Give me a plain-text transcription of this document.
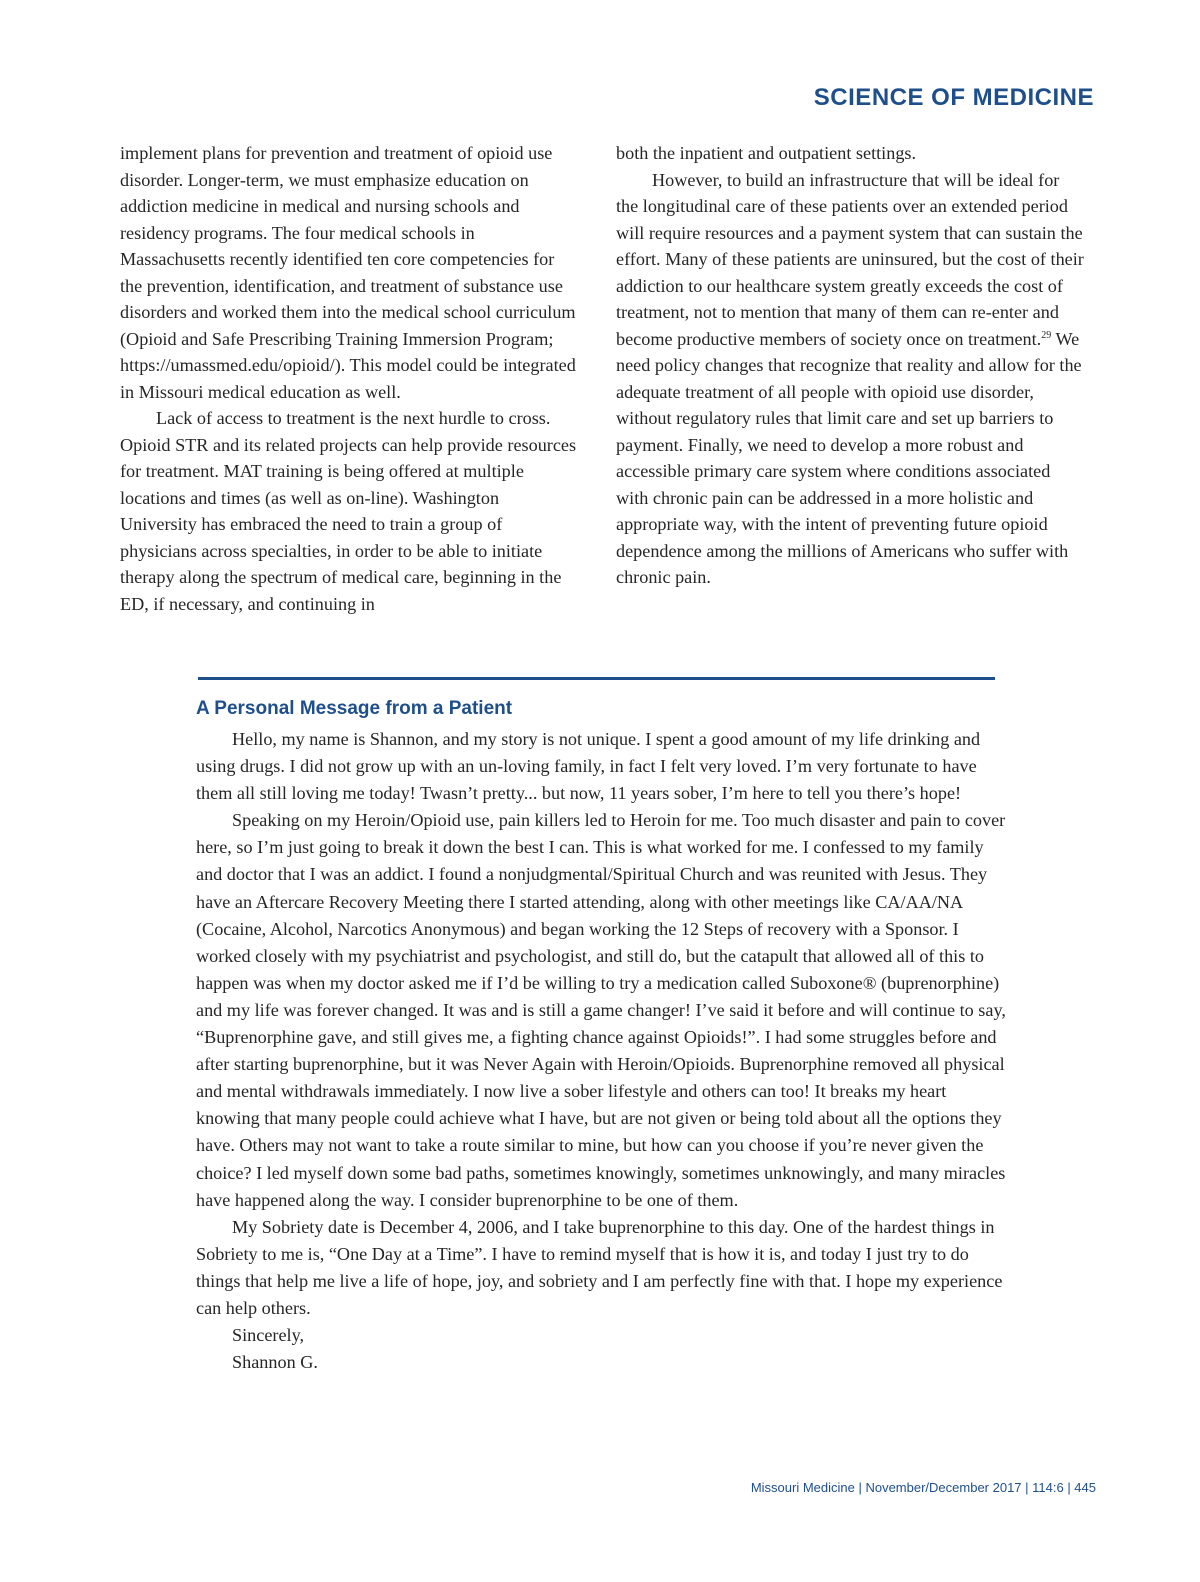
SCIENCE OF MEDICINE

implement plans for prevention and treatment of opioid use disorder. Longer-term, we must emphasize education on addiction medicine in medical and nursing schools and residency programs. The four medical schools in Massachusetts recently identified ten core competencies for the prevention, identification, and treatment of substance use disorders and worked them into the medical school curriculum (Opioid and Safe Prescribing Training Immersion Program; https://umassmed.edu/opioid/). This model could be integrated in Missouri medical education as well.

Lack of access to treatment is the next hurdle to cross. Opioid STR and its related projects can help provide resources for treatment. MAT training is being offered at multiple locations and times (as well as on-line). Washington University has embraced the need to train a group of physicians across specialties, in order to be able to initiate therapy along the spectrum of medical care, beginning in the ED, if necessary, and continuing in

both the inpatient and outpatient settings.

However, to build an infrastructure that will be ideal for the longitudinal care of these patients over an extended period will require resources and a payment system that can sustain the effort. Many of these patients are uninsured, but the cost of their addiction to our healthcare system greatly exceeds the cost of treatment, not to mention that many of them can re-enter and become productive members of society once on treatment.$^{29}$ We need policy changes that recognize that reality and allow for the adequate treatment of all people with opioid use disorder, without regulatory rules that limit care and set up barriers to payment. Finally, we need to develop a more robust and accessible primary care system where conditions associated with chronic pain can be addressed in a more holistic and appropriate way, with the intent of preventing future opioid dependence among the millions of Americans who suffer with chronic pain.

A Personal Message from a Patient

Hello, my name is Shannon, and my story is not unique. I spent a good amount of my life drinking and using drugs. I did not grow up with an un-loving family, in fact I felt very loved. I’m very fortunate to have them all still loving me today! Twasn’t pretty... but now, 11 years sober, I’m here to tell you there’s hope!

Speaking on my Heroin/Opioid use, pain killers led to Heroin for me. Too much disaster and pain to cover here, so I’m just going to break it down the best I can. This is what worked for me. I confessed to my family and doctor that I was an addict. I found a nonjudgmental/Spiritual Church and was reunited with Jesus. They have an Aftercare Recovery Meeting there I started attending, along with other meetings like CA/AA/NA (Cocaine, Alcohol, Narcotics Anonymous) and began working the 12 Steps of recovery with a Sponsor. I worked closely with my psychiatrist and psychologist, and still do, but the catapult that allowed all of this to happen was when my doctor asked me if I’d be willing to try a medication called Suboxone® (buprenorphine) and my life was forever changed. It was and is still a game changer! I’ve said it before and will continue to say, “Buprenorphine gave, and still gives me, a fighting chance against Opioids!”. I had some struggles before and after starting buprenorphine, but it was Never Again with Heroin/Opioids. Buprenorphine removed all physical and mental withdrawals immediately. I now live a sober lifestyle and others can too! It breaks my heart knowing that many people could achieve what I have, but are not given or being told about all the options they have. Others may not want to take a route similar to mine, but how can you choose if you’re never given the choice? I led myself down some bad paths, sometimes knowingly, sometimes unknowingly, and many miracles have happened along the way. I consider buprenorphine to be one of them.

My Sobriety date is December 4, 2006, and I take buprenorphine to this day. One of the hardest things in Sobriety to me is, “One Day at a Time”. I have to remind myself that is how it is, and today I just try to do things that help me live a life of hope, joy, and sobriety and I am perfectly fine with that. I hope my experience can help others.

Sincerely,

Shannon G.

Missouri Medicine | November/December 2017 | 114:6 | 445
